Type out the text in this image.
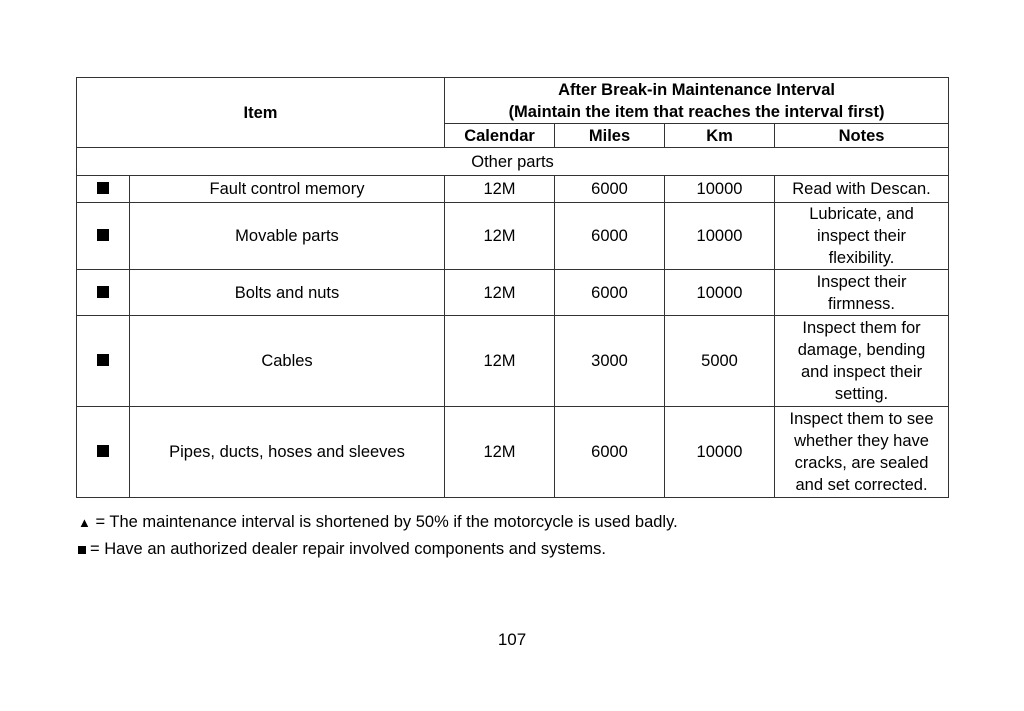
Item		After Break-in Maintenance Interval
(Maintain the item that reaches the interval first)			

		Calendar	Miles	Km	Notes
Other parts					
	Fault control memory	12M	6000	10000	Read with Descan.

	Movable parts	12M	6000	10000	Lubricate, and
inspect their
flexibility.

	Bolts and nuts	12M	6000	10000	Inspect their
firmness.

	Cables	12M	3000	5000	Inspect them for
damage, bending
and inspect their
setting.

	Pipes, ducts, hoses and sleeves	12M	6000	10000	Inspect them to see
whether they have
cracks, are sealed
and set corrected.
▲ = The maintenance interval is shortened by 50% if the motorcycle is used badly.
= Have an authorized dealer repair involved components and systems.
107
